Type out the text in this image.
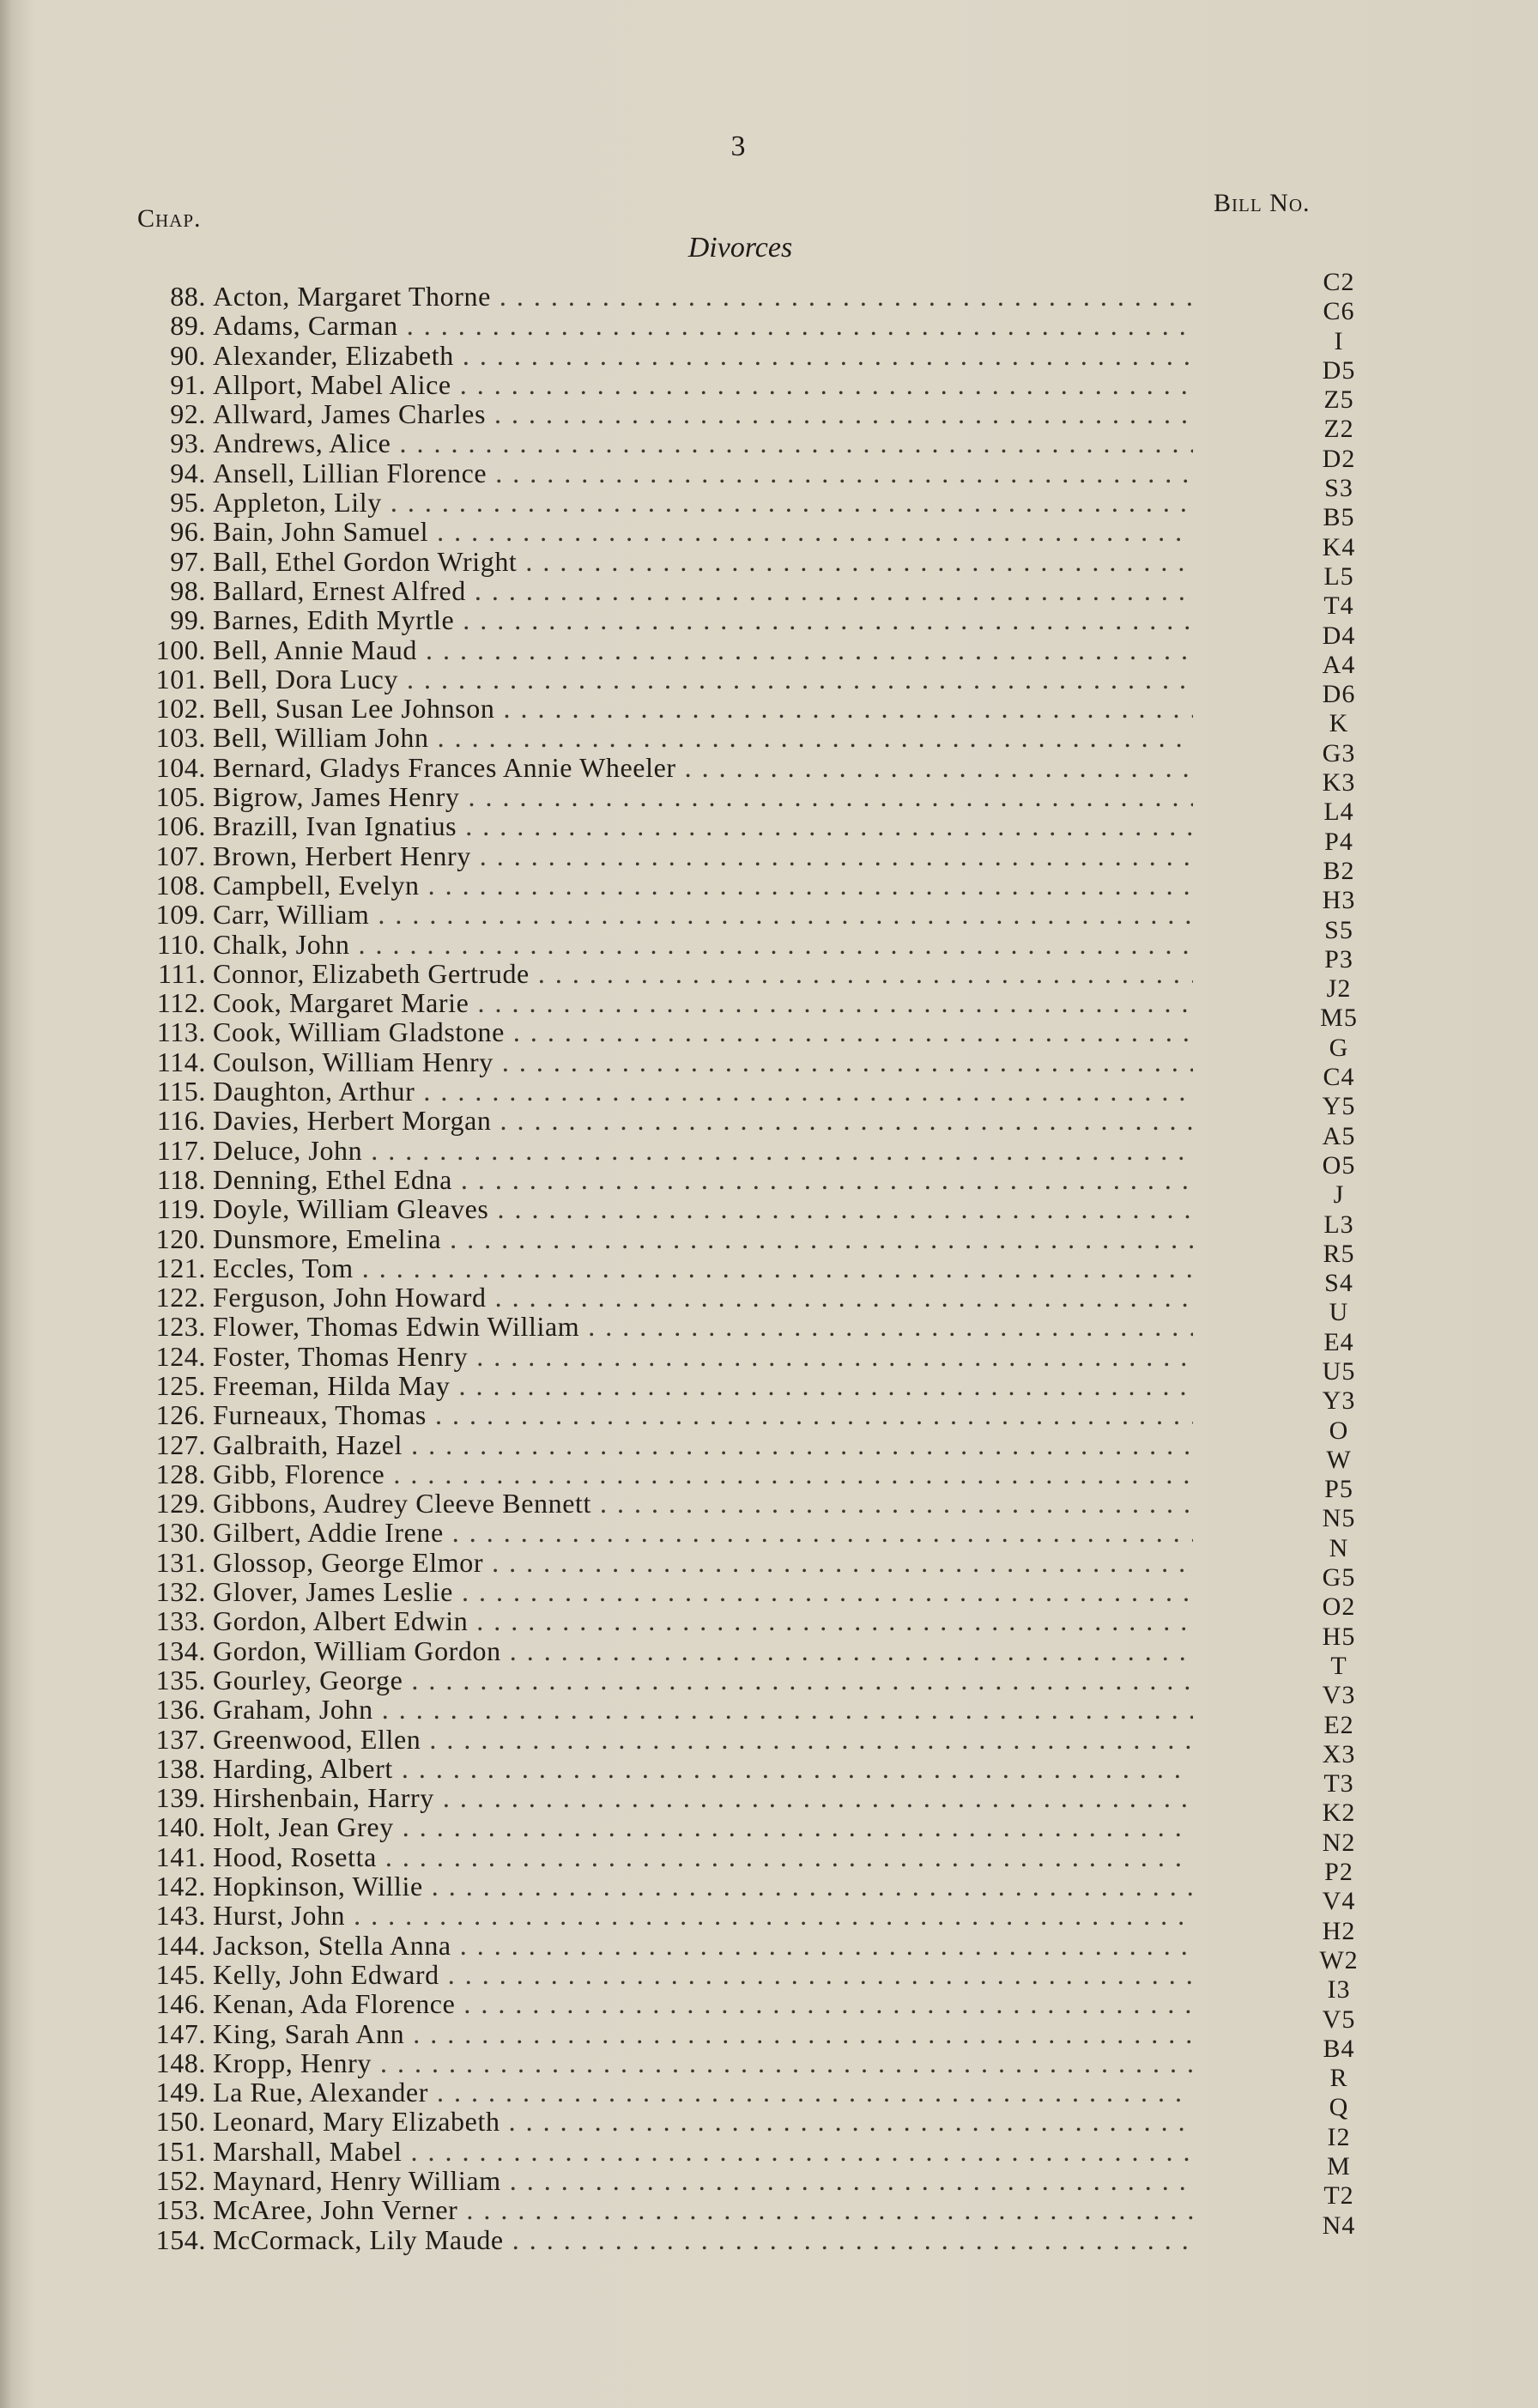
3
Chap.
Bill No.
Divorces
88. Acton, Margaret Thorne
. . .
89. Adams, Carman
. . .
90. Alexander, Elizabeth
. . .
91. Allport, Mabel Alice
. . .
92. Allward, James Charles
. . .
93. Andrews, Alice
. . .
94. Ansell, Lillian Florence
. . .
95. Appleton, Lily
. . .
96. Bain, John Samuel
. . .
97. Ball, Ethel Gordon Wright
. . .
98. Ballard, Ernest Alfred
. . .
99. Barnes, Edith Myrtle
. . .
100. Bell, Annie Maud
. . .
101. Bell, Dora Lucy
. . .
102. Bell, Susan Lee Johnson
. . .
103. Bell, William John
. . .
104. Bernard, Gladys Frances Annie Wheeler
. . .
105. Bigrow, James Henry
. . .
106. Brazill, Ivan Ignatius
. . .
107. Brown, Herbert Henry
. . .
108. Campbell, Evelyn
. . .
109. Carr, William
. . .
110. Chalk, John
. . .
111. Connor, Elizabeth Gertrude
. . .
112. Cook, Margaret Marie
. . .
113. Cook, William Gladstone
. . .
114. Coulson, William Henry
. . .
115. Daughton, Arthur
. . .
116. Davies, Herbert Morgan
. . .
117. Deluce, John
. . .
118. Denning, Ethel Edna
. . .
119. Doyle, William Gleaves
. . .
120. Dunsmore, Emelina
. . .
121. Eccles, Tom
. . .
122. Ferguson, John Howard
. . .
123. Flower, Thomas Edwin William
. . .
124. Foster, Thomas Henry
. . .
125. Freeman, Hilda May
. . .
126. Furneaux, Thomas
. . .
127. Galbraith, Hazel
. . .
128. Gibb, Florence
. . .
129. Gibbons, Audrey Cleeve Bennett
. . .
130. Gilbert, Addie Irene
. . .
131. Glossop, George Elmor
. . .
132. Glover, James Leslie
. . .
133. Gordon, Albert Edwin
. . .
134. Gordon, William Gordon
. . .
135. Gourley, George
. . .
136. Graham, John
. . .
137. Greenwood, Ellen
. . .
138. Harding, Albert
. . .
139. Hirshenbain, Harry
. . .
140. Holt, Jean Grey
. . .
141. Hood, Rosetta
. . .
142. Hopkinson, Willie
. . .
143. Hurst, John
. . .
144. Jackson, Stella Anna
. . .
145. Kelly, John Edward
. . .
146. Kenan, Ada Florence
. . .
147. King, Sarah Ann
. . .
148. Kropp, Henry
. . .
149. La Rue, Alexander
. . .
150. Leonard, Mary Elizabeth
. . .
151. Marshall, Mabel
. . .
152. Maynard, Henry William
. . .
153. McAree, John Verner
. . .
154. McCormack, Lily Maude
. . .
C2
C6
I
D5
Z5
Z2
D2
S3
B5
K4
L5
T4
D4
A4
D6
K
G3
K3
L4
P4
B2
H3
S5
P3
J2
M5
G
C4
Y5
A5
O5
J
L3
R5
S4
U
E4
U5
Y3
O
W
P5
N5
N
G5
O2
H5
T
V3
E2
X3
T3
K2
N2
P2
V4
H2
W2
I3
V5
B4
R
Q
I2
M
T2
N4
